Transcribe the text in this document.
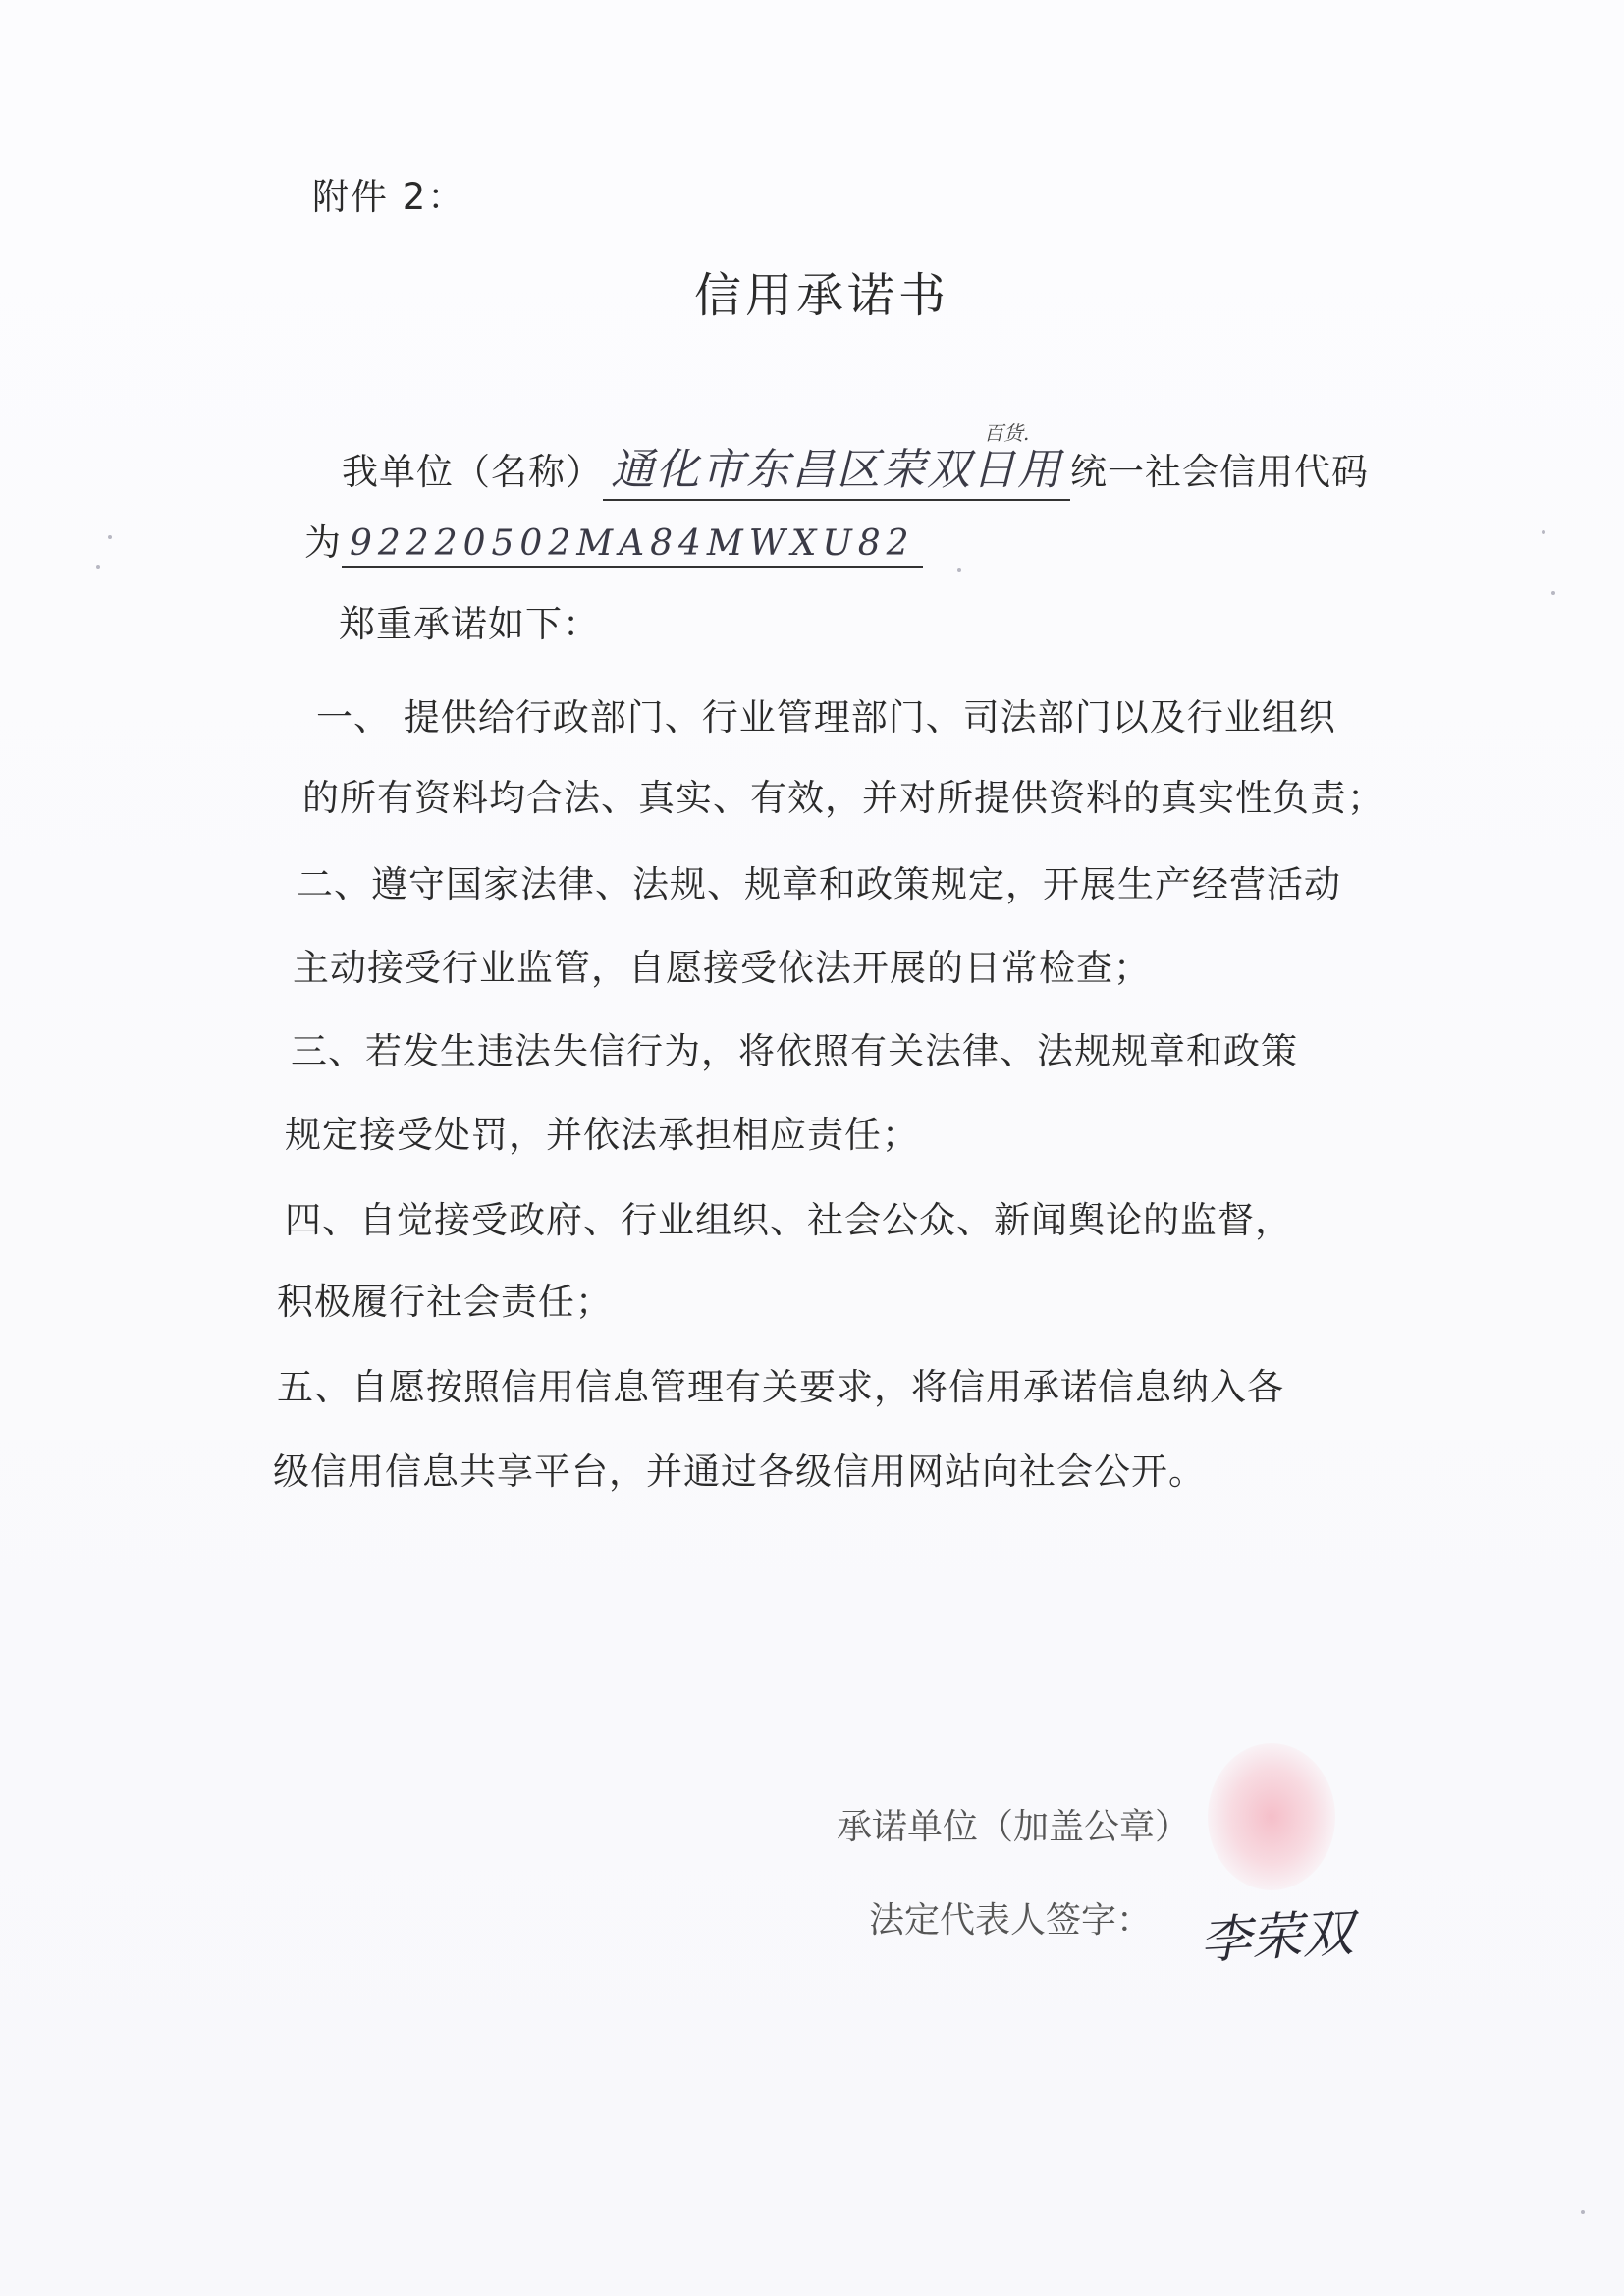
附件 2：
信用承诺书
我单位（名称） 通化市东昌区荣双日用 统一社会信用代码
百货.
为 92220502MA84MWXU82
郑重承诺如下：
一、 提供给行政部门、行业管理部门、司法部门以及行业组织
的所有资料均合法、真实、有效，并对所提供资料的真实性负责；
二、遵守国家法律、法规、规章和政策规定，开展生产经营活动
主动接受行业监管，自愿接受依法开展的日常检查；
三、若发生违法失信行为，将依照有关法律、法规规章和政策
规定接受处罚，并依法承担相应责任；
四、自觉接受政府、行业组织、社会公众、新闻舆论的监督，
积极履行社会责任；
五、自愿按照信用信息管理有关要求，将信用承诺信息纳入各
级信用信息共享平台，并通过各级信用网站向社会公开。
承诺单位（加盖公章）
法定代表人签字： 李荣双
